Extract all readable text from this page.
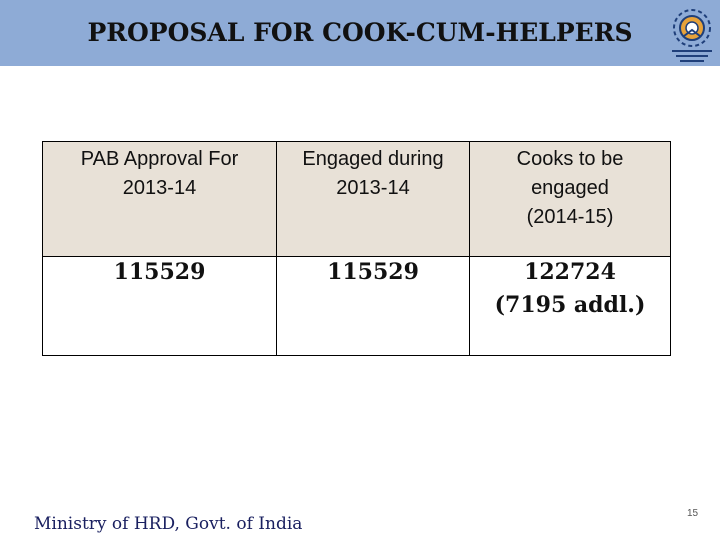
PROPOSAL FOR COOK-CUM-HELPERS
PAB Approval For
2013-14
Engaged during
2013-14
Cooks to be
engaged
(2014-15)
115529	115529	122724
(7195 addl.)
Ministry of HRD, Govt. of India
15
